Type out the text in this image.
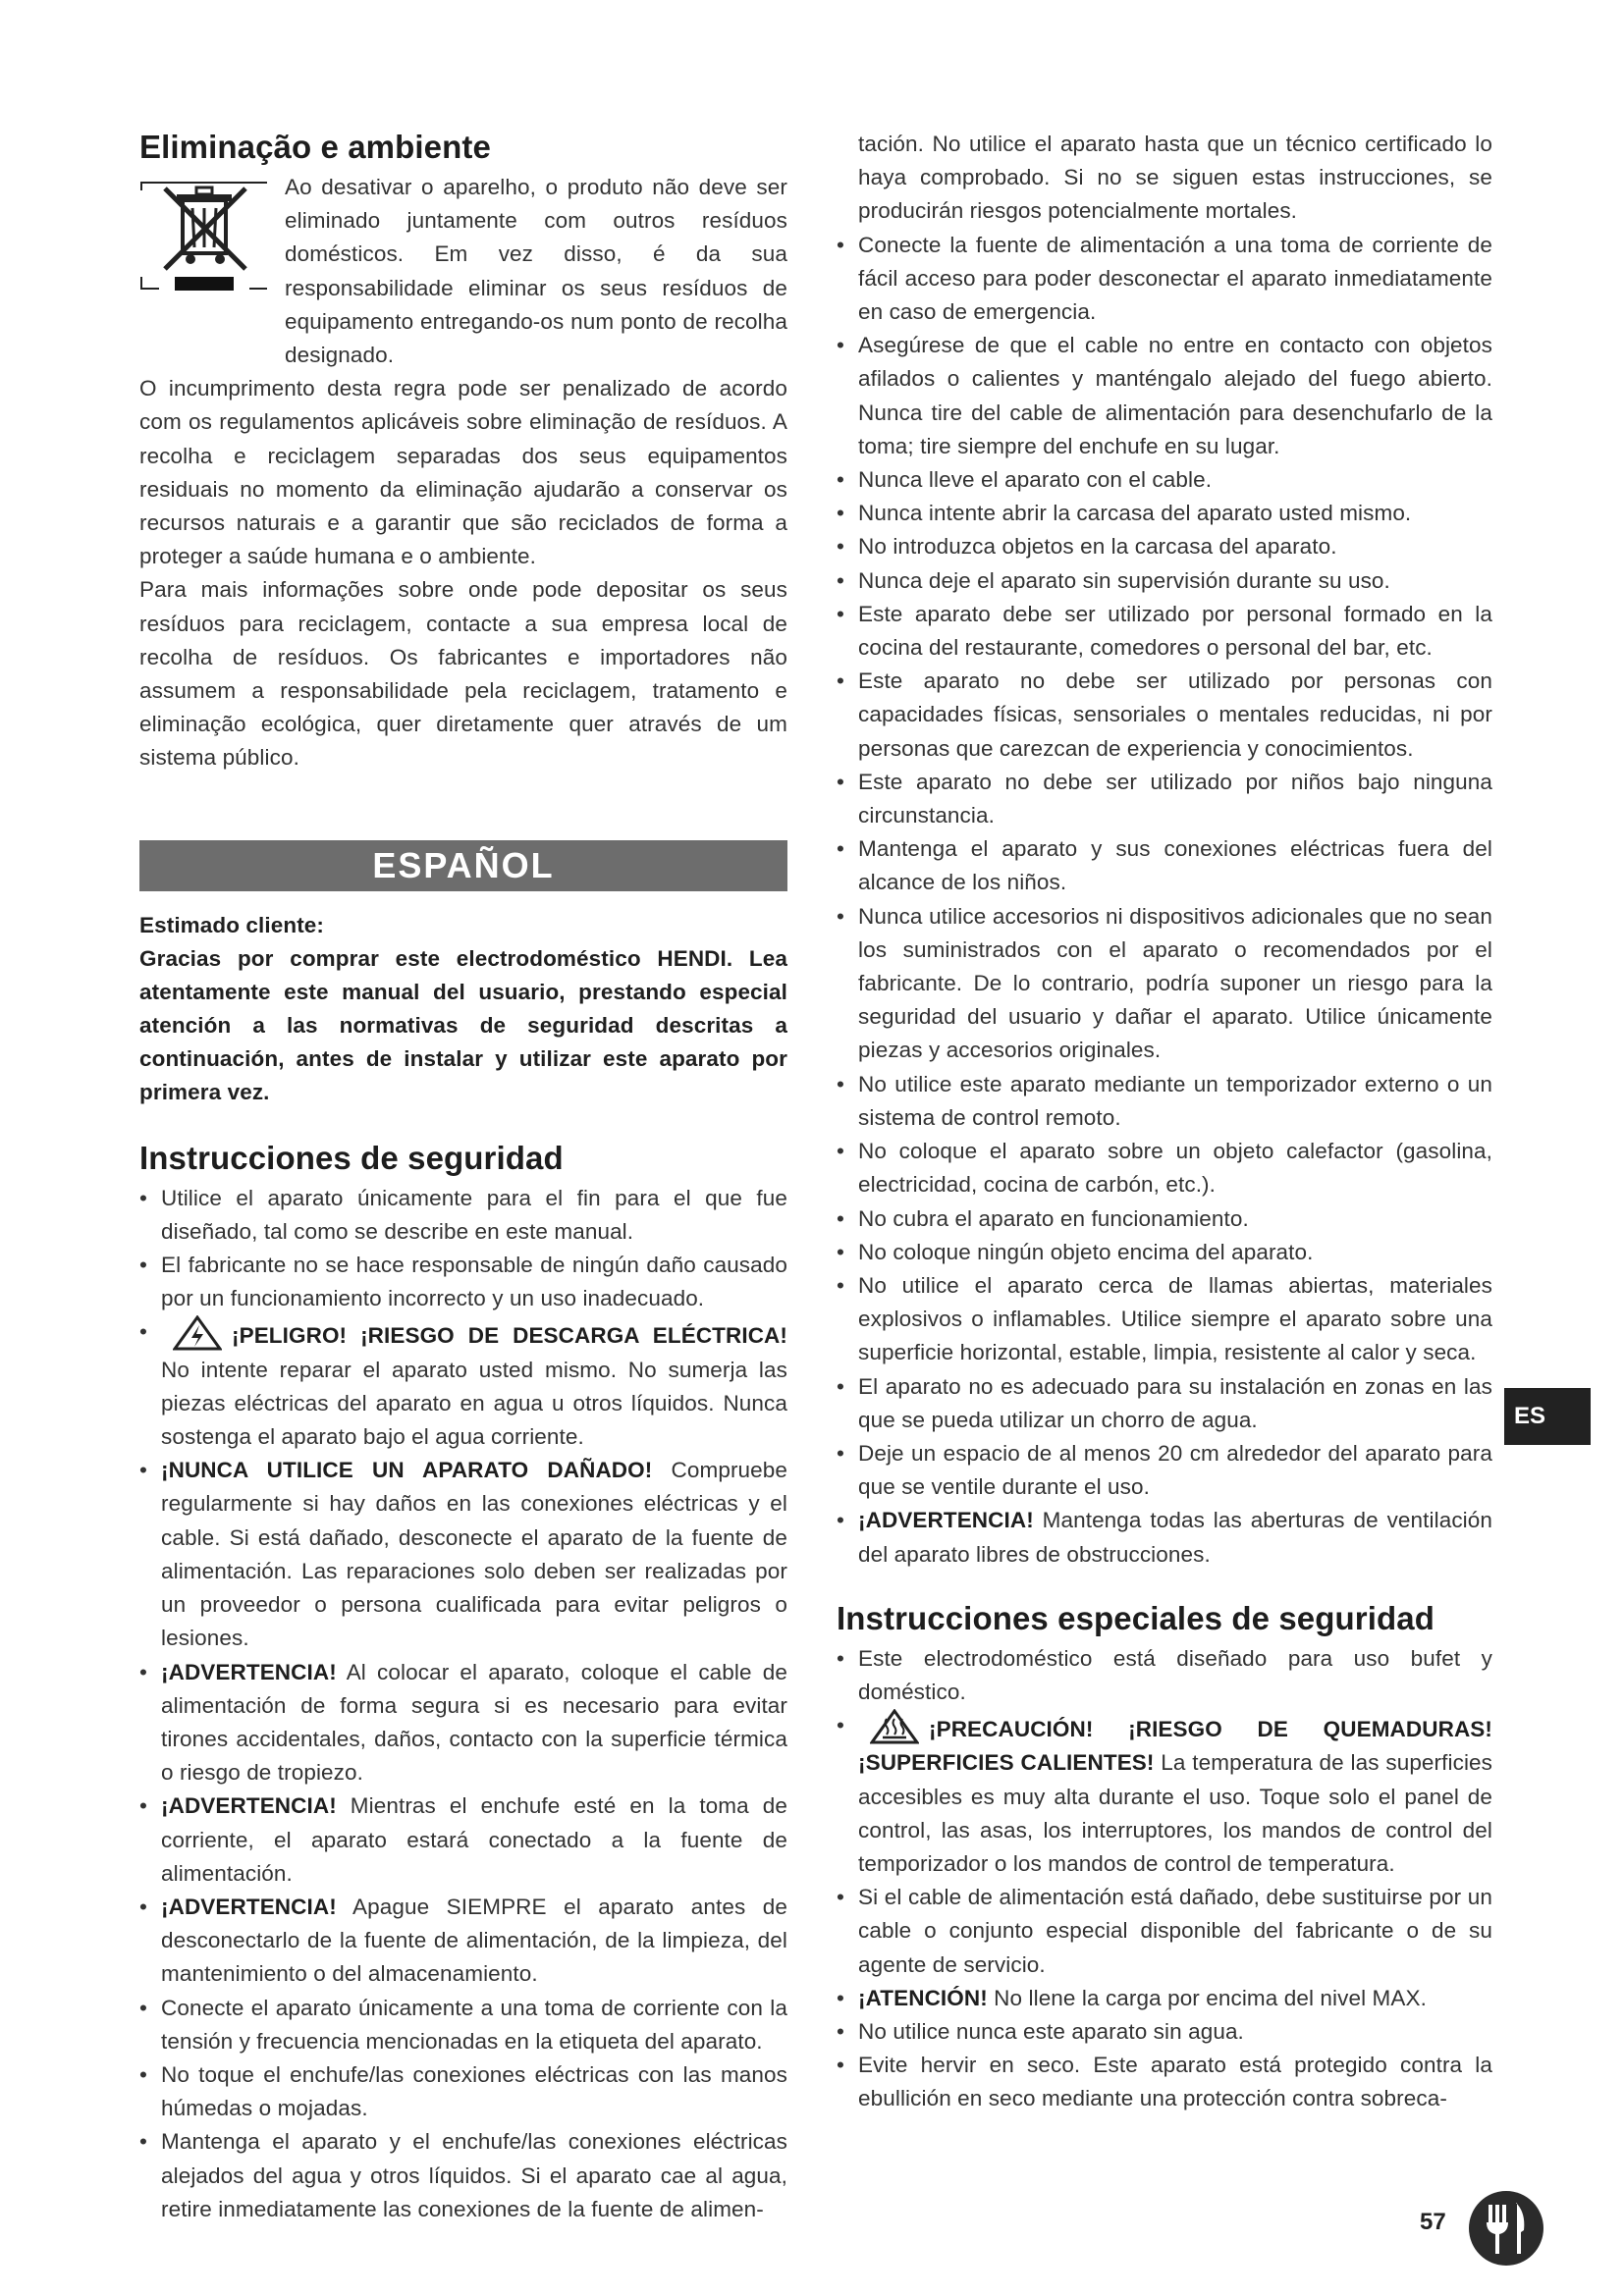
Eliminação e ambiente

Ao desativar o aparelho, o produto não deve ser eliminado juntamente com outros resíduos domésticos. Em vez disso, é da sua responsabilidade eliminar os seus resíduos de equipamento entregando-os num ponto de recolha designado.

O incumprimento desta regra pode ser penalizado de acordo com os regulamentos aplicáveis sobre eliminação de resíduos. A recolha e reciclagem separadas dos seus equipamentos residuais no momento da eliminação ajudarão a conservar os recursos naturais e a garantir que são reciclados de forma a proteger a saúde humana e o ambiente.

Para mais informações sobre onde pode depositar os seus resíduos para reciclagem, contacte a sua empresa local de recolha de resíduos. Os fabricantes e importadores não assumem a responsabilidade pela reciclagem, tratamento e eliminação ecológica, quer diretamente quer através de um sistema público.

ESPAÑOL
Estimado cliente:

Gracias por comprar este electrodoméstico HENDI. Lea atentamente este manual del usuario, prestando especial atención a las normativas de seguridad descritas a continuación, antes de instalar y utilizar este aparato por primera vez.

Instrucciones de seguridad
• Utilice el aparato únicamente para el fin para el que fue diseñado, tal como se describe en este manual.
• El fabricante no se hace responsable de ningún daño causado por un funcionamiento incorrecto y un uso inadecuado.
• ¡PELIGRO! ¡RIESGO DE DESCARGA ELÉCTRICA! No intente reparar el aparato usted mismo. No sumerja las piezas eléctricas del aparato en agua u otros líquidos. Nunca sostenga el aparato bajo el agua corriente.
• ¡NUNCA UTILICE UN APARATO DAÑADO! Compruebe regularmente si hay daños en las conexiones eléctricas y el cable. Si está dañado, desconecte el aparato de la fuente de alimentación. Las reparaciones solo deben ser realizadas por un proveedor o persona cualificada para evitar peligros o lesiones.
• ¡ADVERTENCIA! Al colocar el aparato, coloque el cable de alimentación de forma segura si es necesario para evitar tirones accidentales, daños, contacto con la superficie térmica o riesgo de tropiezo.
• ¡ADVERTENCIA! Mientras el enchufe esté en la toma de corriente, el aparato estará conectado a la fuente de alimentación.
• ¡ADVERTENCIA! Apague SIEMPRE el aparato antes de desconectarlo de la fuente de alimentación, de la limpieza, del mantenimiento o del almacenamiento.
• Conecte el aparato únicamente a una toma de corriente con la tensión y frecuencia mencionadas en la etiqueta del aparato.
• No toque el enchufe/las conexiones eléctricas con las manos húmedas o mojadas.
• Mantenga el aparato y el enchufe/las conexiones eléctricas alejados del agua y otros líquidos. Si el aparato cae al agua, retire inmediatamente las conexiones de la fuente de alimen-

tación. No utilice el aparato hasta que un técnico certificado lo haya comprobado. Si no se siguen estas instrucciones, se producirán riesgos potencialmente mortales.

• Conecte la fuente de alimentación a una toma de corriente de fácil acceso para poder desconectar el aparato inmediatamente en caso de emergencia.
• Asegúrese de que el cable no entre en contacto con objetos afilados o calientes y manténgalo alejado del fuego abierto. Nunca tire del cable de alimentación para desenchufarlo de la toma; tire siempre del enchufe en su lugar.
• Nunca lleve el aparato con el cable.
• Nunca intente abrir la carcasa del aparato usted mismo.
• No introduzca objetos en la carcasa del aparato.
• Nunca deje el aparato sin supervisión durante su uso.
• Este aparato debe ser utilizado por personal formado en la cocina del restaurante, comedores o personal del bar, etc.
• Este aparato no debe ser utilizado por personas con capacidades físicas, sensoriales o mentales reducidas, ni por personas que carezcan de experiencia y conocimientos.
• Este aparato no debe ser utilizado por niños bajo ninguna circunstancia.
• Mantenga el aparato y sus conexiones eléctricas fuera del alcance de los niños.
• Nunca utilice accesorios ni dispositivos adicionales que no sean los suministrados con el aparato o recomendados por el fabricante. De lo contrario, podría suponer un riesgo para la seguridad del usuario y dañar el aparato. Utilice únicamente piezas y accesorios originales.
• No utilice este aparato mediante un temporizador externo o un sistema de control remoto.
• No coloque el aparato sobre un objeto calefactor (gasolina, electricidad, cocina de carbón, etc.).
• No cubra el aparato en funcionamiento.
• No coloque ningún objeto encima del aparato.
• No utilice el aparato cerca de llamas abiertas, materiales explosivos o inflamables. Utilice siempre el aparato sobre una superficie horizontal, estable, limpia, resistente al calor y seca.
• El aparato no es adecuado para su instalación en zonas en las que se pueda utilizar un chorro de agua.
• Deje un espacio de al menos 20 cm alrededor del aparato para que se ventile durante el uso.
• ¡ADVERTENCIA! Mantenga todas las aberturas de ventilación del aparato libres de obstrucciones.
Instrucciones especiales de seguridad
• Este electrodoméstico está diseñado para uso bufet y doméstico.
• ¡PRECAUCIÓN! ¡RIESGO DE QUEMADURAS! ¡SUPERFICIES CALIENTES! La temperatura de las superficies accesibles es muy alta durante el uso. Toque solo el panel de control, las asas, los interruptores, los mandos de control del temporizador o los mandos de control de temperatura.
• Si el cable de alimentación está dañado, debe sustituirse por un cable o conjunto especial disponible del fabricante o de su agente de servicio.
• ¡ATENCIÓN! No llene la carga por encima del nivel MAX.
• No utilice nunca este aparato sin agua.
• Evite hervir en seco. Este aparato está protegido contra la ebullición en seco mediante una protección contra sobreca-
ES
57
